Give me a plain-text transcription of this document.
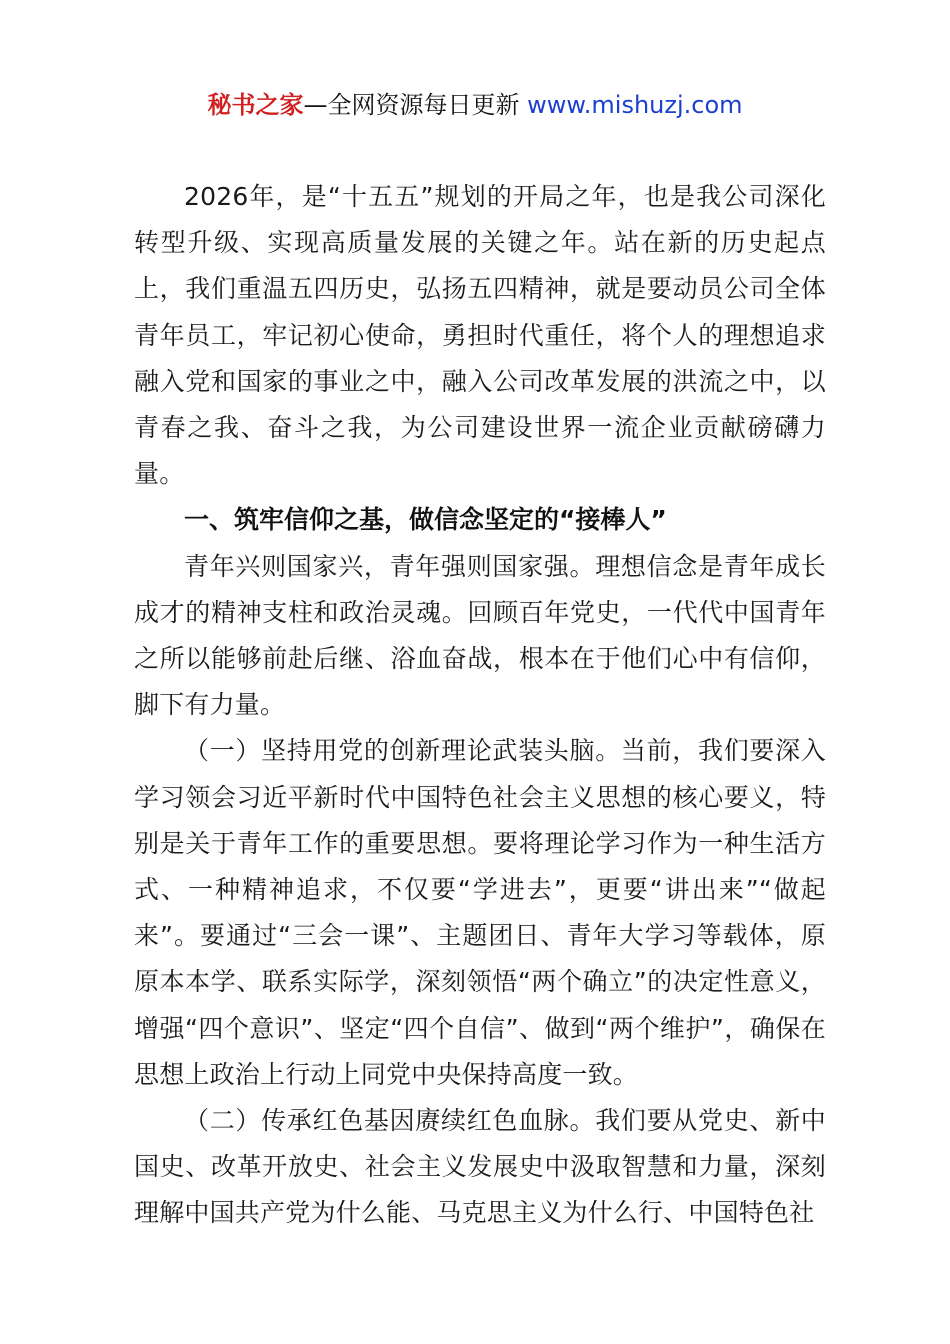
秘书之家—全网资源每日更新 www.mishuzj.com

2026年，是“十五五”规划的开局之年，也是我公司深化转型升级、实现高质量发展的关键之年。站在新的历史起点上，我们重温五四历史，弘扬五四精神，就是要动员公司全体青年员工，牢记初心使命，勇担时代重任，将个人的理想追求融入党和国家的事业之中，融入公司改革发展的洪流之中，以青春之我、奋斗之我，为公司建设世界一流企业贡献磅礴力量。

一、筑牢信仰之基，做信念坚定的“接棒人”

青年兴则国家兴，青年强则国家强。理想信念是青年成长成才的精神支柱和政治灵魂。回顾百年党史，一代代中国青年之所以能够前赴后继、浴血奋战，根本在于他们心中有信仰，脚下有力量。

（一）坚持用党的创新理论武装头脑。当前，我们要深入学习领会习近平新时代中国特色社会主义思想的核心要义，特别是关于青年工作的重要思想。要将理论学习作为一种生活方式、一种精神追求，不仅要“学进去”，更要“讲出来”“做起来”。要通过“三会一课”、主题团日、青年大学习等载体，原原本本学、联系实际学，深刻领悟“两个确立”的决定性意义，增强“四个意识”、坚定“四个自信”、做到“两个维护”，确保在思想上政治上行动上同党中央保持高度一致。

（二）传承红色基因赓续红色血脉。我们要从党史、新中国史、改革开放史、社会主义发展史中汲取智慧和力量，深刻理解中国共产党为什么能、马克思主义为什么行、中国特色社
